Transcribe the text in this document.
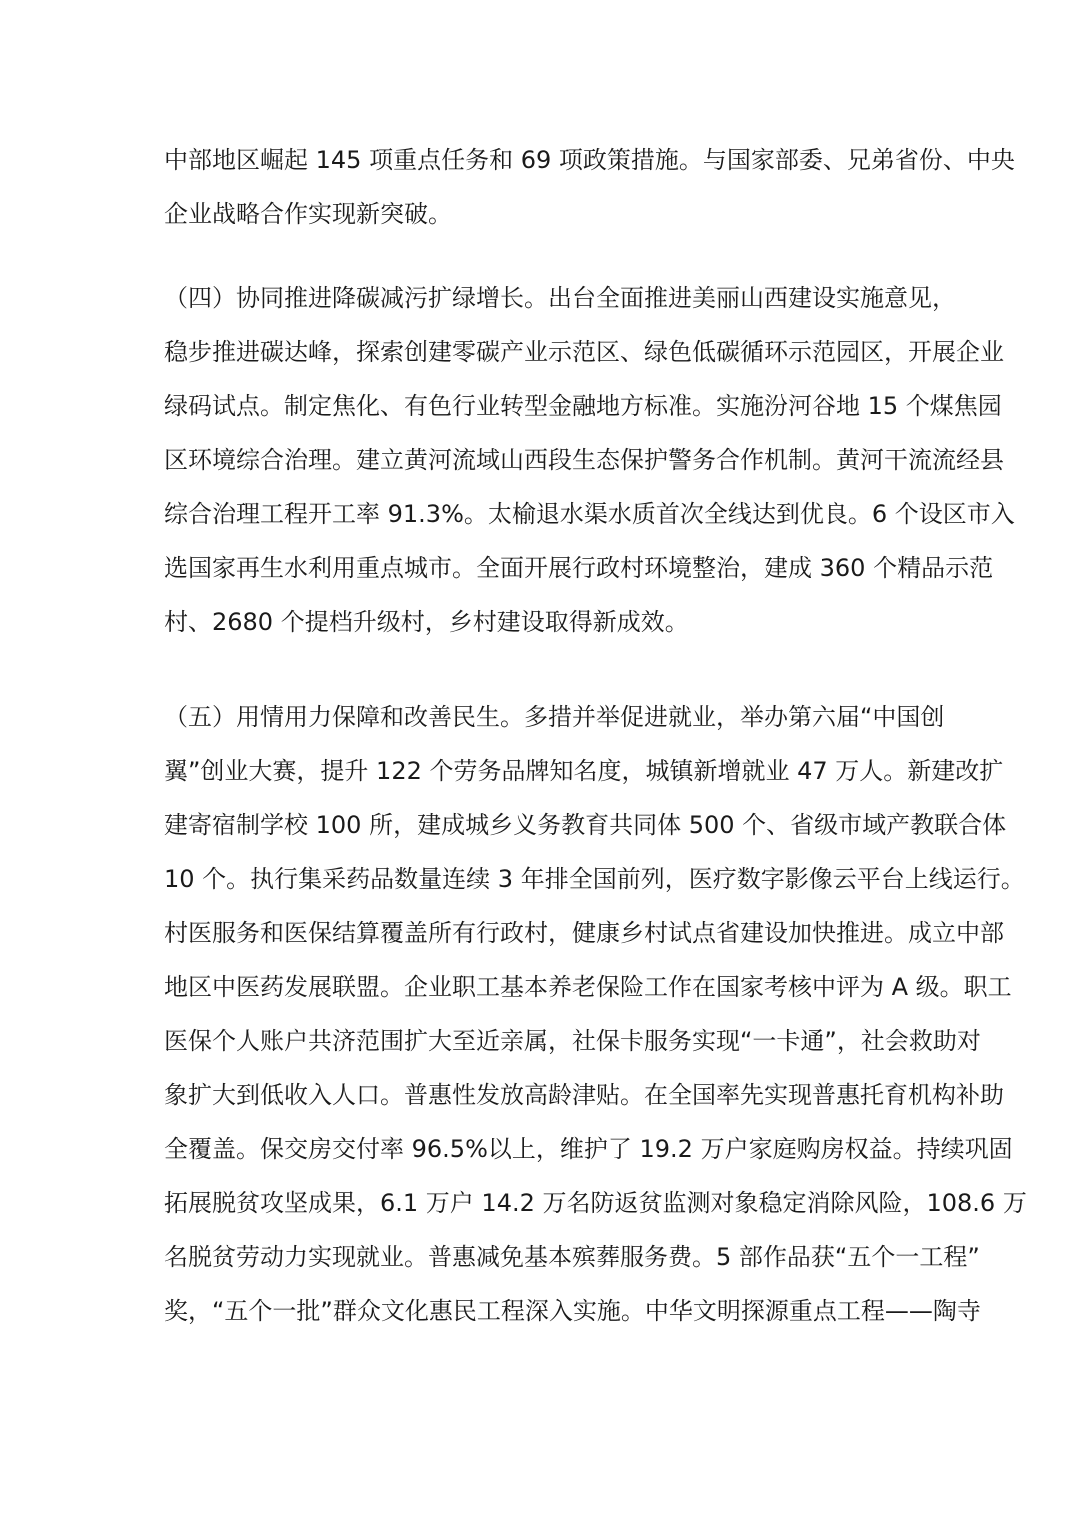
中部地区崛起 145 项重点任务和 69 项政策措施。与国家部委、兄弟省份、中央
企业战略合作实现新突破。
（四）协同推进降碳减污扩绿增长。出台全面推进美丽山西建设实施意见，
稳步推进碳达峰，探索创建零碳产业示范区、绿色低碳循环示范园区，开展企业
绿码试点。制定焦化、有色行业转型金融地方标准。实施汾河谷地 15 个煤焦园
区环境综合治理。建立黄河流域山西段生态保护警务合作机制。黄河干流流经县
综合治理工程开工率 91.3%。太榆退水渠水质首次全线达到优良。6 个设区市入
选国家再生水利用重点城市。全面开展行政村环境整治，建成 360 个精品示范
村、2680 个提档升级村，乡村建设取得新成效。
（五）用情用力保障和改善民生。多措并举促进就业，举办第六届“中国创
翼”创业大赛，提升 122 个劳务品牌知名度，城镇新增就业 47 万人。新建改扩
建寄宿制学校 100 所，建成城乡义务教育共同体 500 个、省级市域产教联合体
10 个。执行集采药品数量连续 3 年排全国前列，医疗数字影像云平台上线运行。
村医服务和医保结算覆盖所有行政村，健康乡村试点省建设加快推进。成立中部
地区中医药发展联盟。企业职工基本养老保险工作在国家考核中评为 A 级。职工
医保个人账户共济范围扩大至近亲属，社保卡服务实现“一卡通”，社会救助对
象扩大到低收入人口。普惠性发放高龄津贴。在全国率先实现普惠托育机构补助
全覆盖。保交房交付率 96.5%以上，维护了 19.2 万户家庭购房权益。持续巩固
拓展脱贫攻坚成果，6.1 万户 14.2 万名防返贫监测对象稳定消除风险，108.6 万
名脱贫劳动力实现就业。普惠减免基本殡葬服务费。5 部作品获“五个一工程”
奖，“五个一批”群众文化惠民工程深入实施。中华文明探源重点工程——陶寺
